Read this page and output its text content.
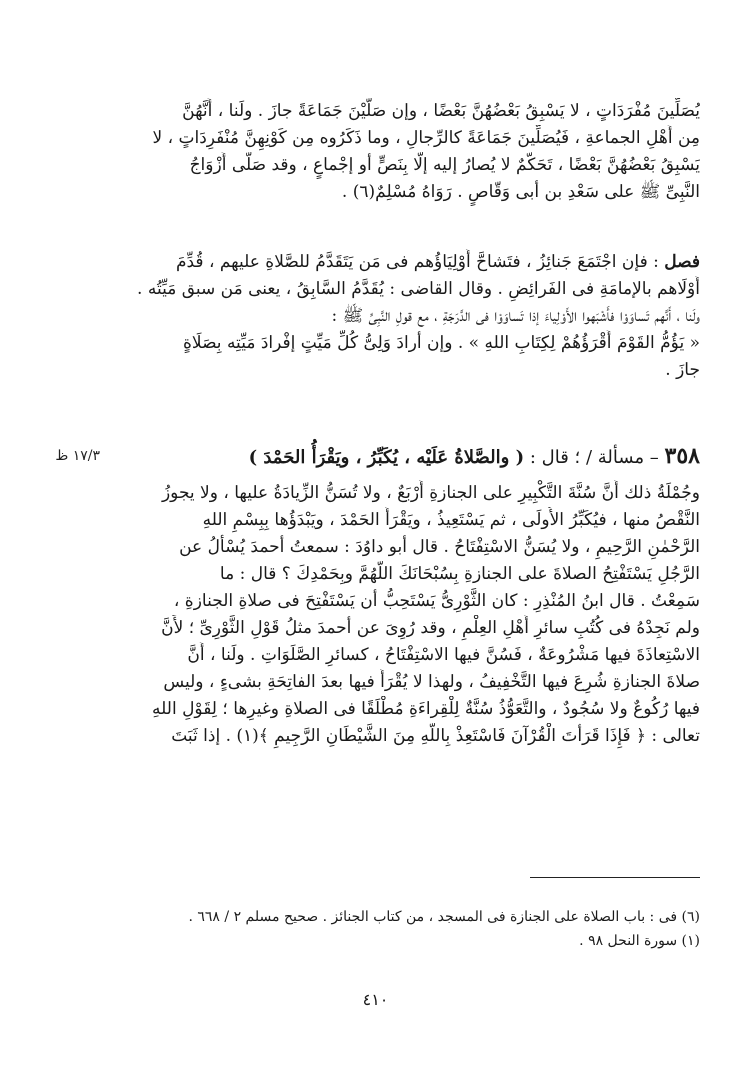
يُصَلِّينَ مُفْرَدَاتٍ ، لا يَسْبِقُ بَعْضُهُنَّ بَعْضًا ، وإن صَلَّيْنَ جَمَاعَةً جازَ . ولَنا ، أَنَّهُنَّ
مِن أَهْلِ الجماعةِ ، فَيُصَلِّينَ جَمَاعَةً كالرِّجالِ ، وما ذَكَرُوه مِن كَوْنِهِنَّ مُنْفَرِدَاتٍ ، لا
يَسْبِقُ بَعْضُهُنَّ بَعْضًا ، تَحَكُّمٌ لا يُصارُ إليه إلَّا بِنَصٍّ أو إجْماعٍ ، وقد صَلَّى أَزْوَاجُ
النَّبِىِّ ﷺ على سَعْدِ بن أبى وَقّاصٍ . رَوَاهُ مُسْلِمٌ(٦) .
فصل : فإن اجْتَمَعَ جَنائِزُ ، فتَشاحَّ أَوْلِيَاؤُهم فى مَن يَتَقَدَّمُ للصَّلاةِ عليهم ، قُدِّمَ
أَوْلَاهم بالإمامَةِ فى الفَرائِضِ . وقال القاضى : يُقَدَّمُ السَّابِقُ ، يعنى مَن سبق مَيِّتُه .
ولَنا ، أَنَّهم تَساوَوْا فأَشْبَهوا الأَوْلِياءَ إذا تَساوَوْا فى الدَّرَجَةِ ، مع قولِ النَّبِىِّ ﷺ :
« يَؤُمُّ القَوْمَ أَقْرَؤُهُمْ لِكِتَابِ اللهِ » . وإن أرادَ وَلِىُّ كُلِّ مَيِّتٍ إفْرادَ مَيِّتِه بِصَلَاةٍ
جازَ .
١٧/٣ ظ	٣٥٨ – مسألة / ؛ قال : ( والصَّلاةُ عَلَيْه ، يُكَبِّرُ ، ويَقْرَأُ الحَمْدَ )
وجُمْلَةُ ذلك أَنَّ سُنَّةَ التَّكْبِيرِ على الجنازةِ أَرْبَعٌ ، ولا تُسَنُّ الزِّيادَةُ عليها ، ولا يجوزُ
النَّقْصُ منها ، فيُكَبِّرُ الأُولَى ، ثم يَسْتَعِيذُ ، ويَقْرَأُ الحَمْدَ ، ويَبْدَؤُها بِبِسْمِ اللهِ
الرَّحْمٰنِ الرَّحِيمِ ، ولا يُسَنُّ الاسْتِفْتَاحُ . قال أبو داوُدَ : سمعتُ أحمدَ يُسْأَلُ عن
الرَّجُلِ يَسْتَفْتِحُ الصلاةَ على الجنازةِ بِسُبْحَانَكَ اللَّهُمَّ وبِحَمْدِكَ ؟ قال : ما
سَمِعْتُ . قال ابنُ المُنْذِرِ : كان الثَّوْرِىُّ يَسْتَحِبُّ أن يَسْتَفْتِحَ فى صلاةِ الجنازةِ ،
ولم نَجِدْهُ فى كُتُبِ سائرِ أَهْلِ العِلْمِ ، وقد رُوِىَ عن أحمدَ مثلُ قَوْلِ الثَّوْرِىِّ ؛ لأَنَّ
الاسْتِعاذَةَ فيها مَشْرُوعَةٌ ، فَسُنَّ فيها الاسْتِفْتَاحُ ، كسائرِ الصَّلَوَاتِ . ولَنا ، أَنَّ
صلاةَ الجنازةِ شُرِعَ فيها التَّخْفِيفُ ، ولهذا لا يُقْرَأُ فيها بعدَ الفاتِحَةِ بشىءٍ ، وليس
فيها رُكُوعٌ ولا سُجُودٌ ، والتَّعَوُّذُ سُنَّةٌ لِلْقِراءَةِ مُطْلَقًا فى الصلاةِ وغيرِها ؛ لِقَوْلِ اللهِ
تعالى : ﴿ فَإِذَا قَرَأْتَ الْقُرْآنَ فَاسْتَعِذْ بِاللَّهِ مِنَ الشَّيْطَانِ الرَّجِيمِ ﴾(١) . إذا ثَبَتَ
(٦) فى : باب الصلاة على الجنازة فى المسجد ، من كتاب الجنائز . صحيح مسلم ٢ / ٦٦٨ .
(١) سورة النحل ٩٨ .
٤١٠
